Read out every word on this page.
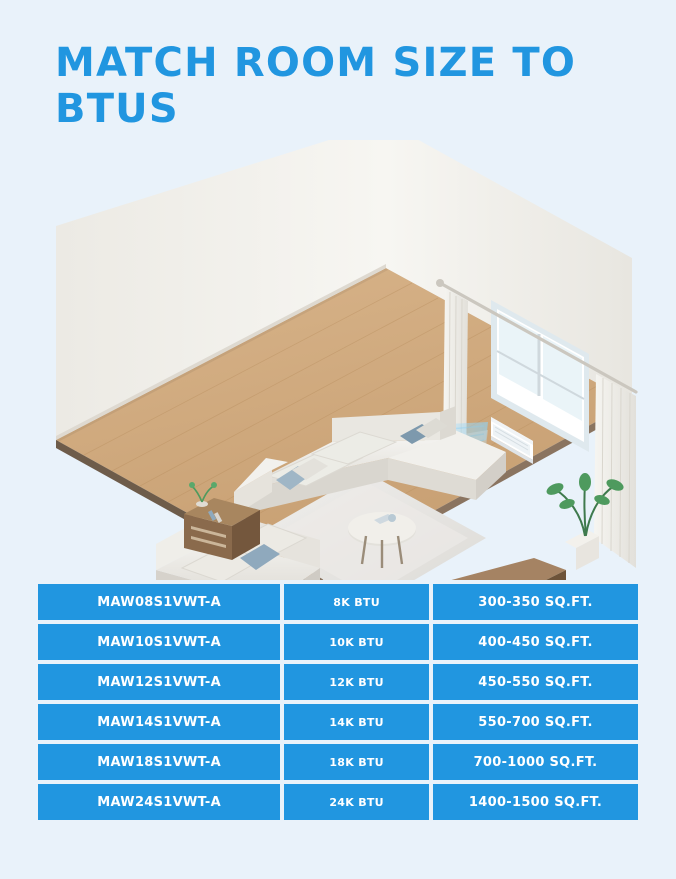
MATCH ROOM SIZE TO BTUS
MAW08S1VWT-A	8K BTU	300-350 SQ.FT.
MAW10S1VWT-A	10K BTU	400-450 SQ.FT.
MAW12S1VWT-A	12K BTU	450-550 SQ.FT.
MAW14S1VWT-A	14K BTU	550-700 SQ.FT.
MAW18S1VWT-A	18K BTU	700-1000 SQ.FT.
MAW24S1VWT-A	24K BTU	1400-1500 SQ.FT.
